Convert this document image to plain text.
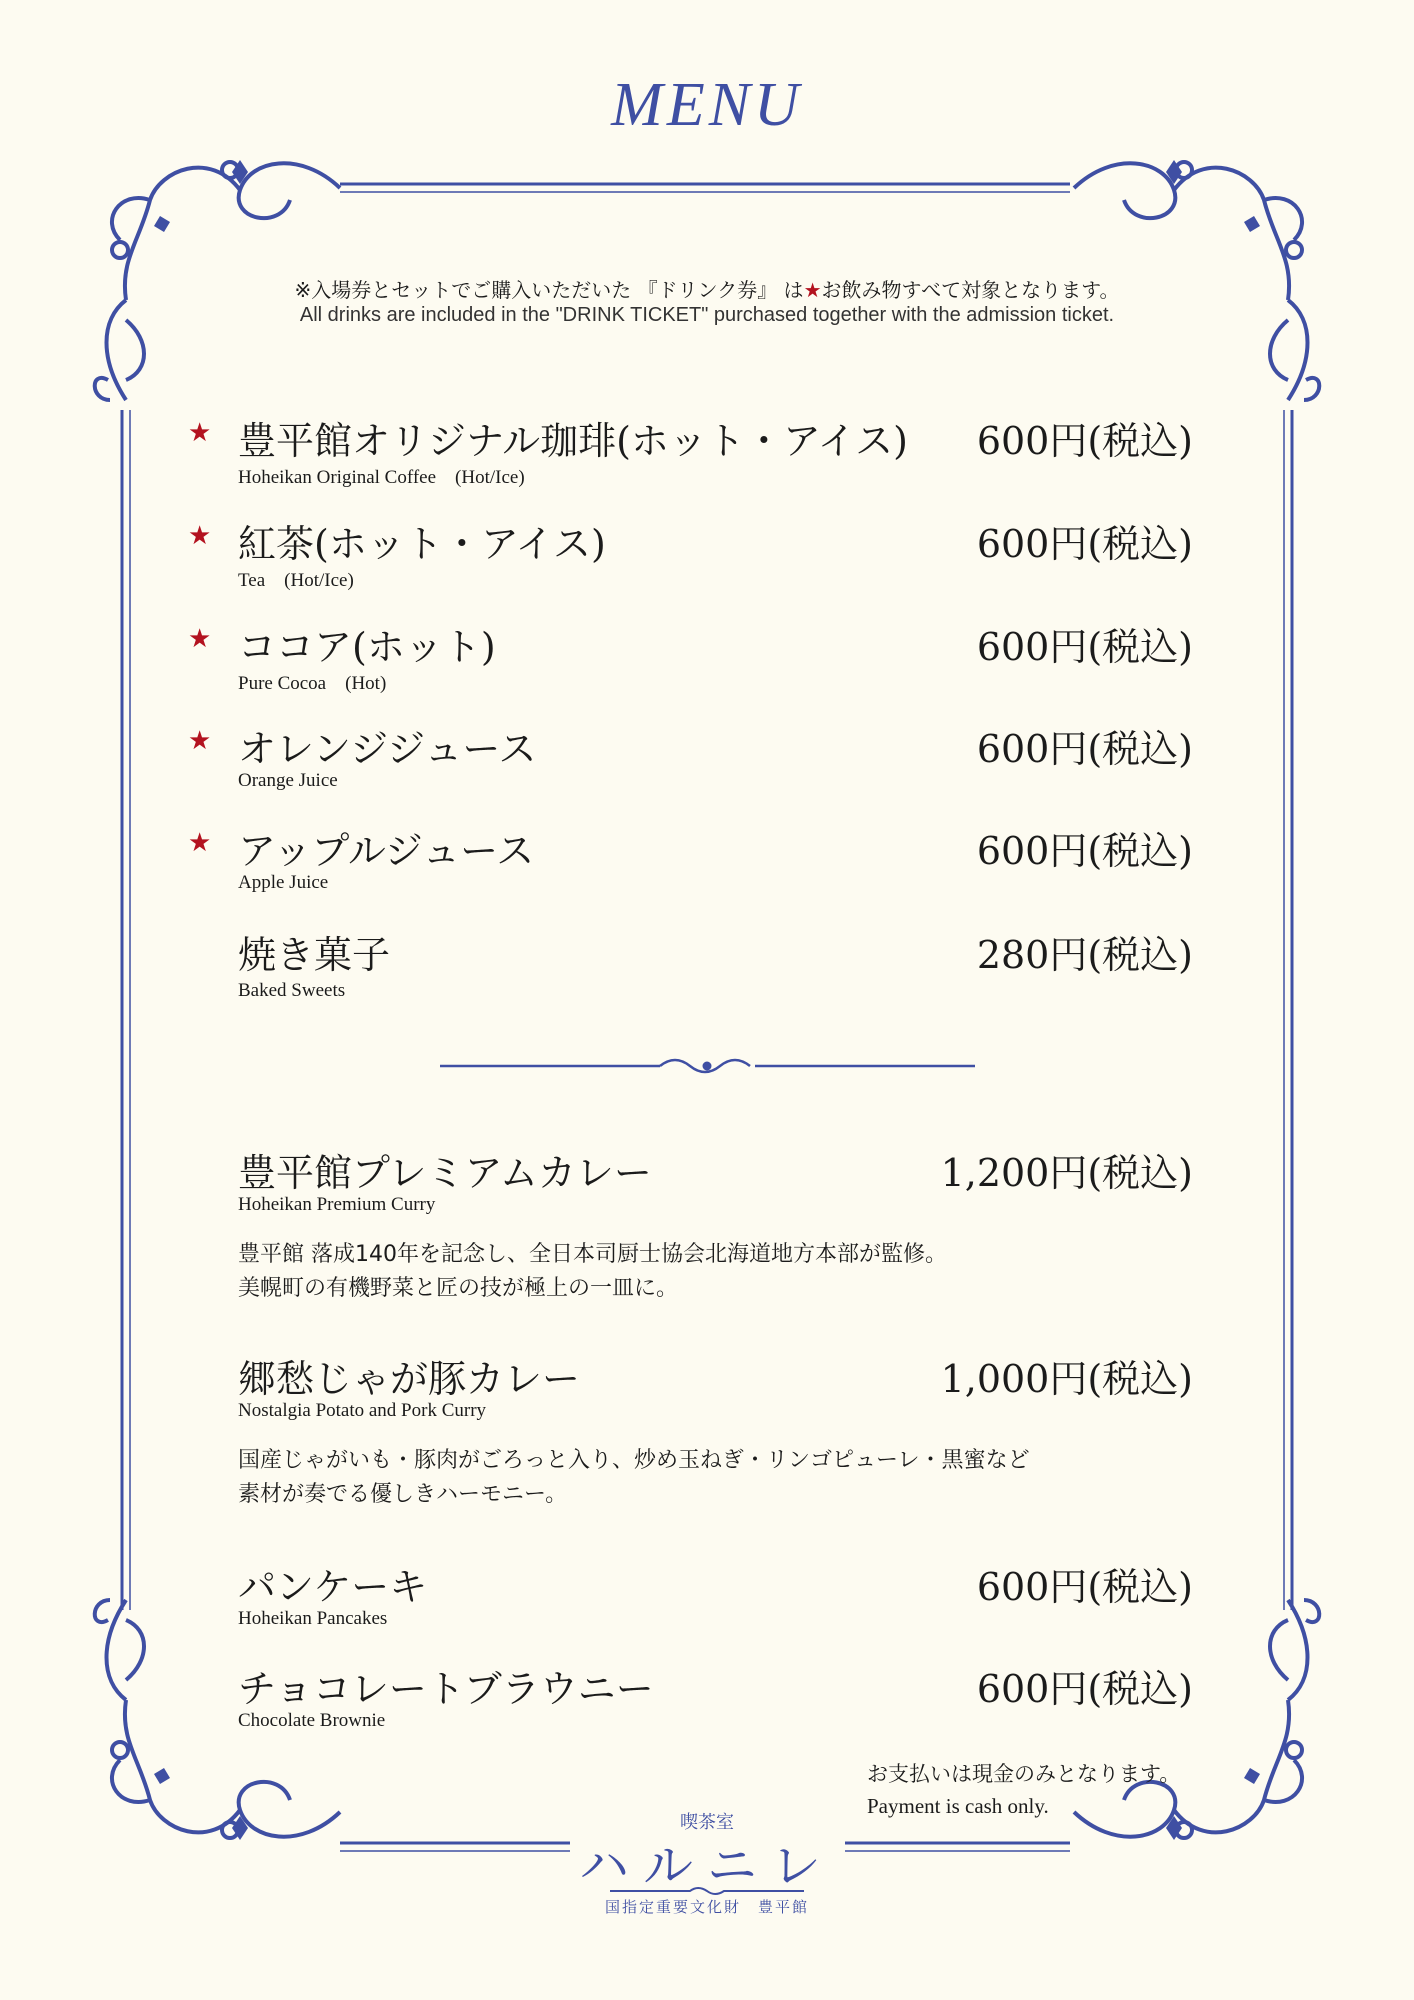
MENU
※入場券とセットでご購入いただいた 『ドリンク券』 は★お飲み物すべて対象となります。
All drinks are included in the "DRINK TICKET" purchased together with the admission ticket.
★ 豊平館オリジナル珈琲(ホット・アイス) 600円(税込)
Hoheikan Original Coffee　(Hot/Ice)
★ 紅茶(ホット・アイス)	600円(税込)
Tea　(Hot/Ice)
★ ココア(ホット)	600円(税込)
Pure Cocoa　(Hot)
★ オレンジジュース	600円(税込)
Orange Juice
★ アップルジュース	600円(税込)
Apple Juice
焼き菓子	280円(税込)
Baked Sweets
豊平館プレミアムカレー	1,200円(税込)
Hoheikan Premium Curry
豊平館 落成140年を記念し、全日本司厨士協会北海道地方本部が監修。
美幌町の有機野菜と匠の技が極上の一皿に。
郷愁じゃが豚カレー	1,000円(税込)
Nostalgia Potato and Pork Curry
国産じゃがいも・豚肉がごろっと入り、炒め玉ねぎ・リンゴピューレ・黒蜜など
素材が奏でる優しきハーモニー。
パンケーキ	600円(税込)
Hoheikan Pancakes
チョコレートブラウニー	600円(税込)
Chocolate Brownie
お支払いは現金のみとなります。
Payment is cash only.
喫茶室
ハルニレ
国指定重要文化財　豊平館
